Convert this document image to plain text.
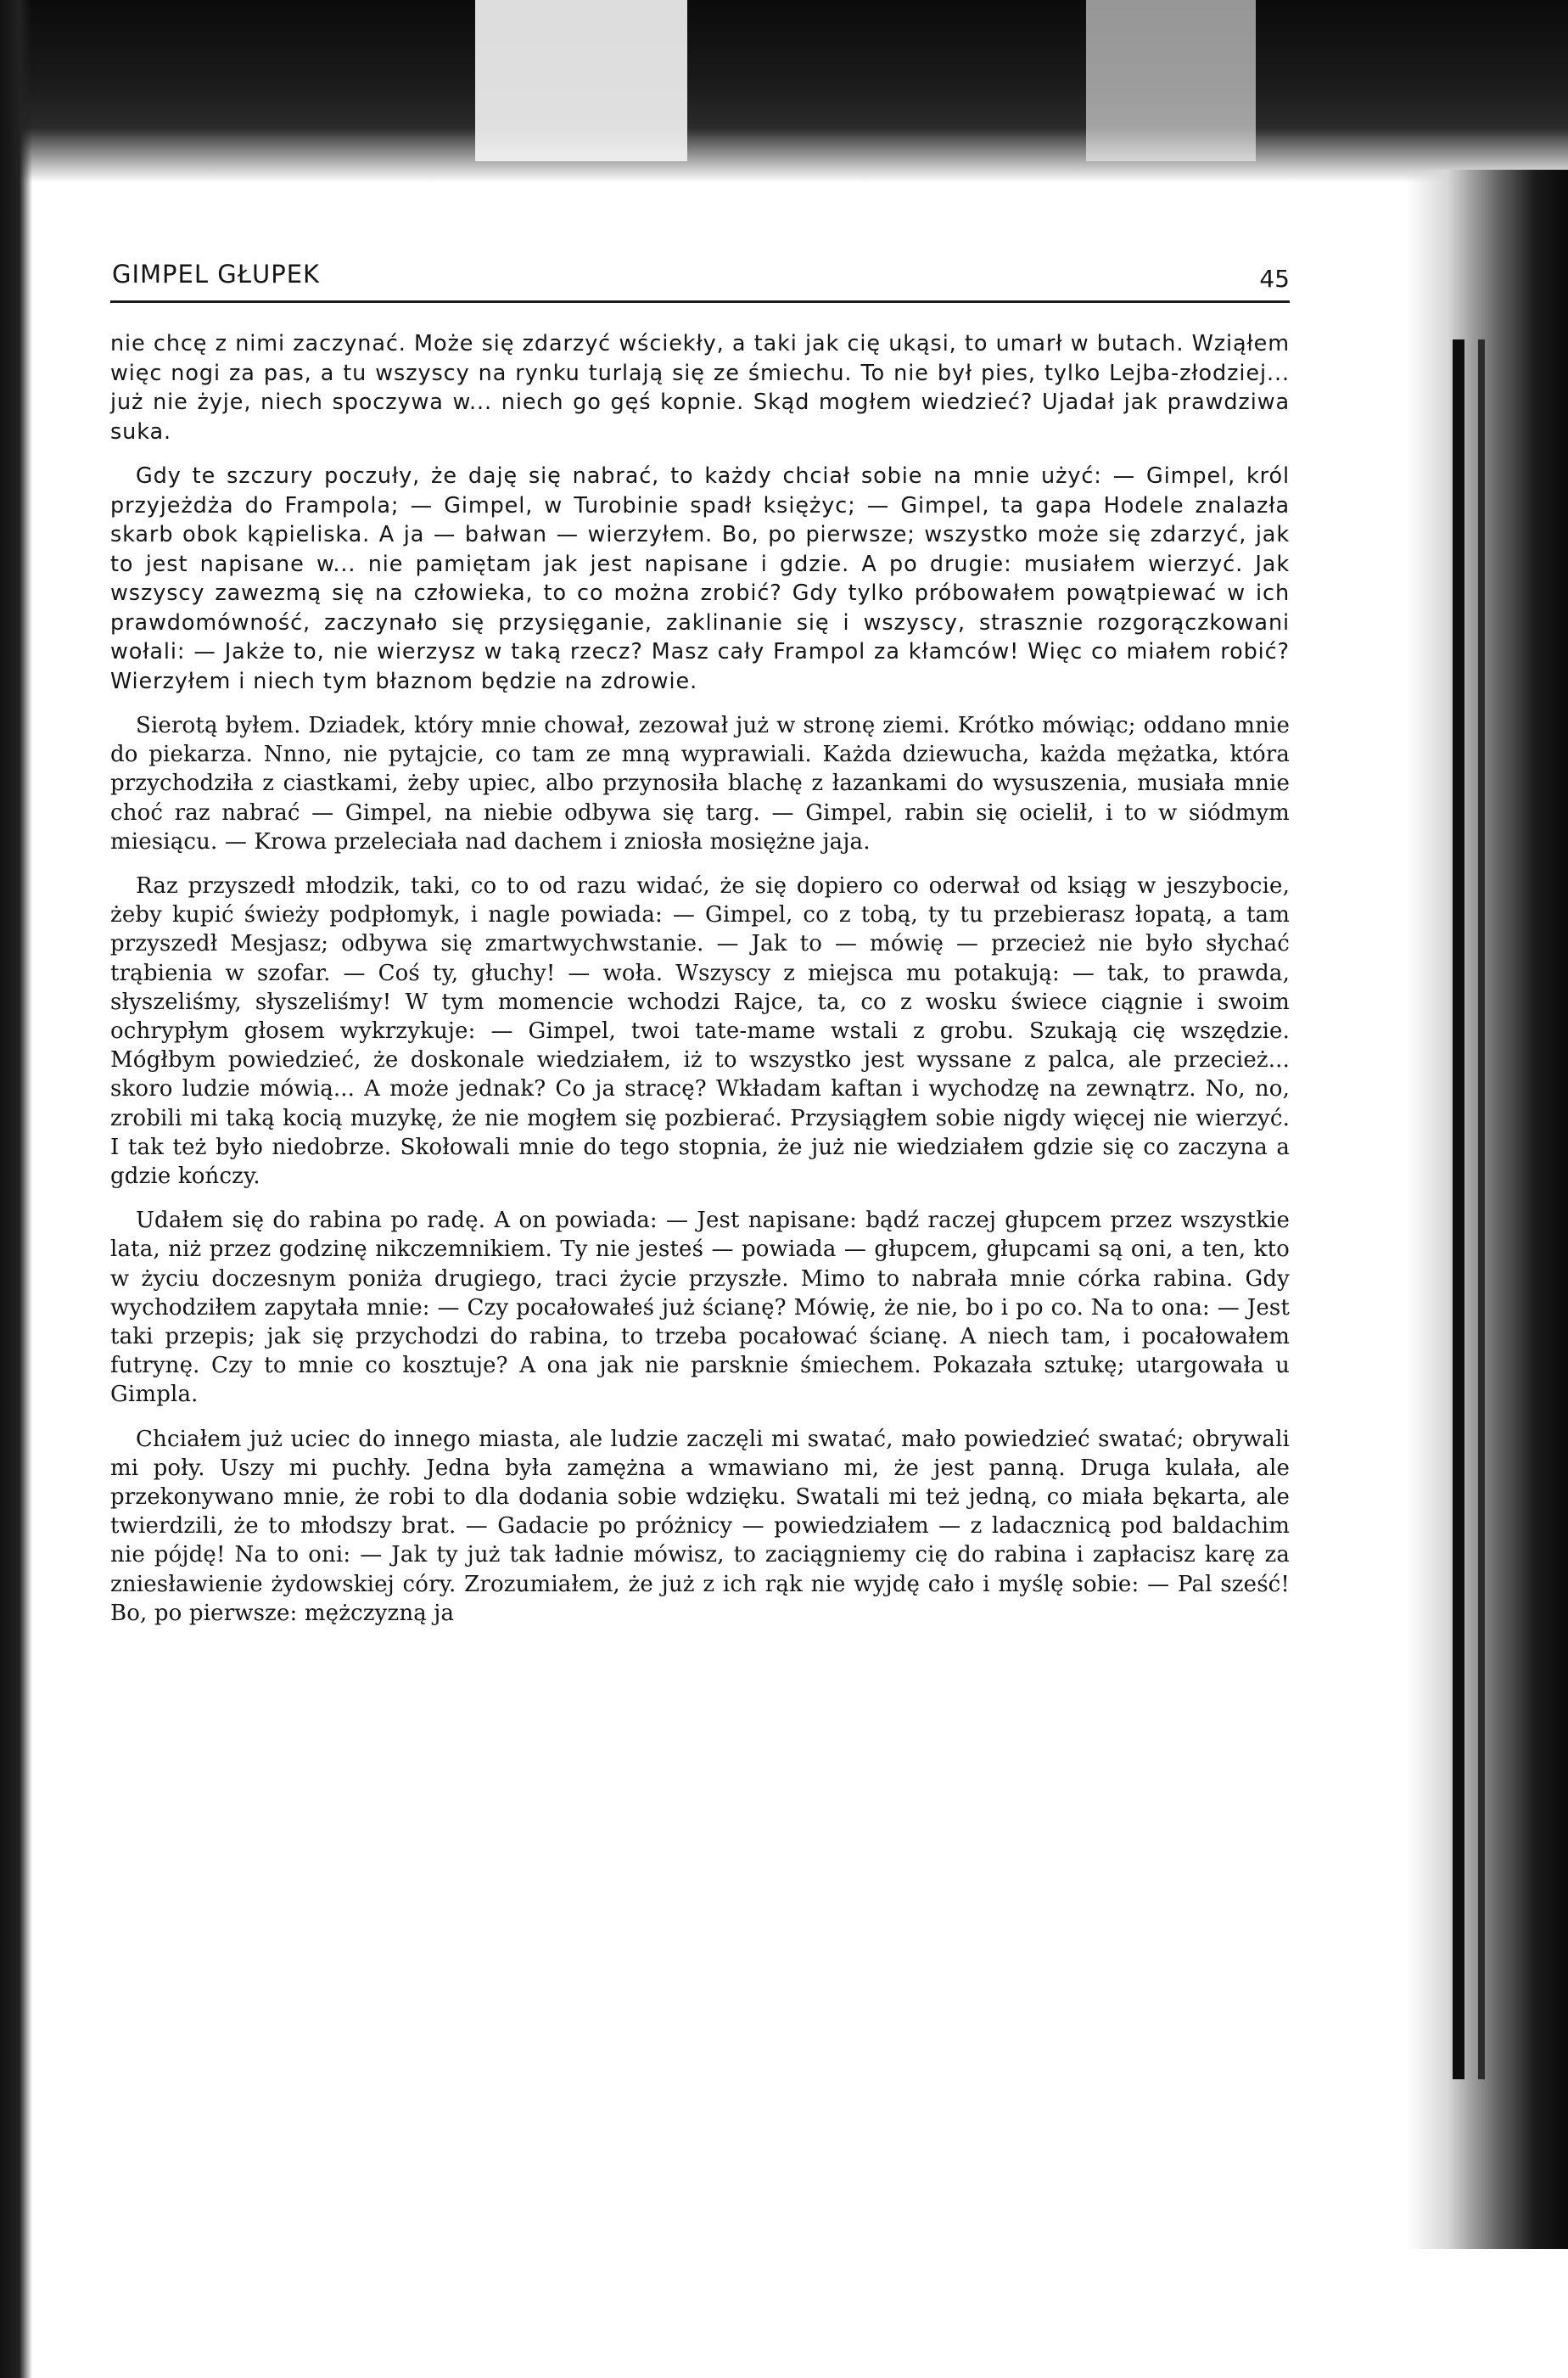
GIMPEL GŁUPEK	45

nie chcę z nimi zaczynać. Może się zdarzyć wściekły, a taki jak cię ukąsi, to umarł w butach. Wziąłem więc nogi za pas, a tu wszyscy na rynku turlają się ze śmiechu. To nie był pies, tylko Lejba-złodziej... już nie żyje, niech spoczywa w... niech go gęś kopnie. Skąd mogłem wiedzieć? Ujadał jak prawdziwa suka.

Gdy te szczury poczuły, że daję się nabrać, to każdy chciał sobie na mnie użyć: — Gimpel, król przyjeżdża do Frampola; — Gimpel, w Turobinie spadł księżyc; — Gimpel, ta gapa Hodele znalazła skarb obok kąpieliska. A ja — bałwan — wierzyłem. Bo, po pierwsze; wszystko może się zdarzyć, jak to jest napisane w... nie pamiętam jak jest napisane i gdzie. A po drugie: musiałem wierzyć. Jak wszyscy zawezmą się na człowieka, to co można zrobić? Gdy tylko próbowałem powątpiewać w ich prawdomówność, zaczynało się przysięganie, zaklinanie się i wszyscy, strasznie rozgorączkowani wołali: — Jakże to, nie wierzysz w taką rzecz? Masz cały Frampol za kłamców! Więc co miałem robić? Wierzyłem i niech tym błaznom będzie na zdrowie.

Sierotą byłem. Dziadek, który mnie chował, zezował już w stronę ziemi. Krótko mówiąc; oddano mnie do piekarza. Nnno, nie pytajcie, co tam ze mną wyprawiali. Każda dziewucha, każda mężatka, która przychodziła z ciastkami, żeby upiec, albo przynosiła blachę z łazankami do wysuszenia, musiała mnie choć raz nabrać — Gimpel, na niebie odbywa się targ. — Gimpel, rabin się ocielił, i to w siódmym miesiącu. — Krowa przeleciała nad dachem i zniosła mosiężne jaja.

Raz przyszedł młodzik, taki, co to od razu widać, że się dopiero co oderwał od ksiąg w jeszybocie, żeby kupić świeży podpłomyk, i nagle powiada: — Gimpel, co z tobą, ty tu przebierasz łopatą, a tam przyszedł Mesjasz; odbywa się zmartwychwstanie. — Jak to — mówię — przecież nie było słychać trąbienia w szofar. — Coś ty, głuchy! — woła. Wszyscy z miejsca mu potakują: — tak, to prawda, słyszeliśmy, słyszeliśmy! W tym momencie wchodzi Rajce, ta, co z wosku świece ciągnie i swoim ochrypłym głosem wykrzykuje: — Gimpel, twoi tate-mame wstali z grobu. Szukają cię wszędzie. Mógłbym powiedzieć, że doskonale wiedziałem, iż to wszystko jest wyssane z palca, ale przecież... skoro ludzie mówią... A może jednak? Co ja stracę? Wkładam kaftan i wychodzę na zewnątrz. No, no, zrobili mi taką kocią muzykę, że nie mogłem się pozbierać. Przysiągłem sobie nigdy więcej nie wierzyć. I tak też było niedobrze. Skołowali mnie do tego stopnia, że już nie wiedziałem gdzie się co zaczyna a gdzie kończy.

Udałem się do rabina po radę. A on powiada: — Jest napisane: bądź raczej głupcem przez wszystkie lata, niż przez godzinę nikczemnikiem. Ty nie jesteś — powiada — głupcem, głupcami są oni, a ten, kto w życiu doczesnym poniża drugiego, traci życie przyszłe. Mimo to nabrała mnie córka rabina. Gdy wychodziłem zapytała mnie: — Czy pocałowałeś już ścianę? Mówię, że nie, bo i po co. Na to ona: — Jest taki przepis; jak się przychodzi do rabina, to trzeba pocałować ścianę. A niech tam, i pocałowałem futrynę. Czy to mnie co kosztuje? A ona jak nie parsknie śmiechem. Pokazała sztukę; utargowała u Gimpla.

Chciałem już uciec do innego miasta, ale ludzie zaczęli mi swatać, mało powiedzieć swatać; obrywali mi poły. Uszy mi puchły. Jedna była zamężna a wmawiano mi, że jest panną. Druga kulała, ale przekonywano mnie, że robi to dla dodania sobie wdzięku. Swatali mi też jedną, co miała bękarta, ale twierdzili, że to młodszy brat. — Gadacie po próżnicy — powiedziałem — z ladacznicą pod baldachim nie pójdę! Na to oni: — Jak ty już tak ładnie mówisz, to zaciągniemy cię do rabina i zapłacisz karę za zniesławienie żydowskiej córy. Zrozumiałem, że już z ich rąk nie wyjdę cało i myślę sobie: — Pal sześć! Bo, po pierwsze: mężczyzną ja
